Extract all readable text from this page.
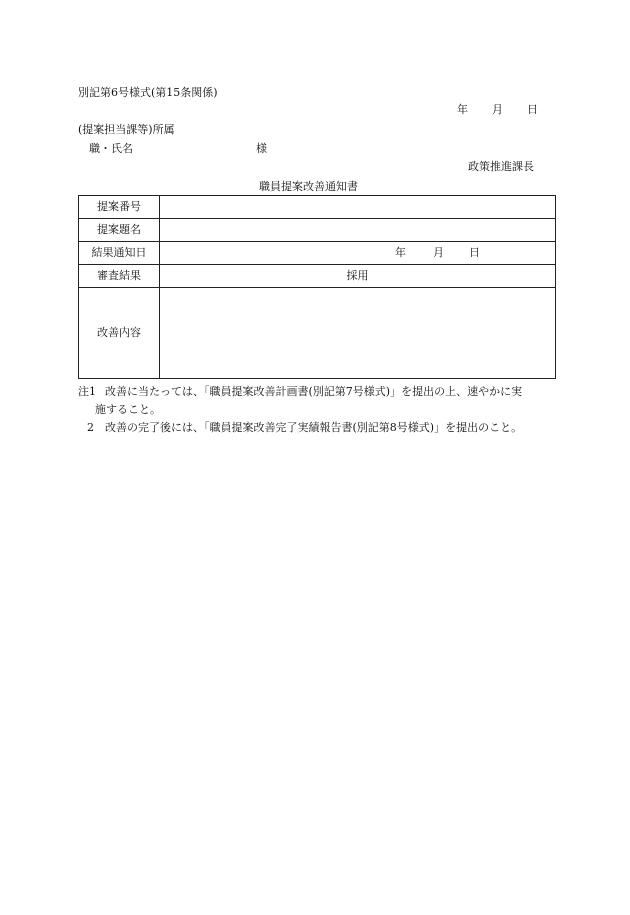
別記第6号様式(第15条関係)
年 月 日
(提案担当課等)所属
職・氏名	様
政策推進課長
職員提案改善通知書
提案番号	
提案題名	
結果通知日	年 月 日

審査結果	採用
改善内容	
注1 改善に当たっては、「職員提案改善計画書(別記第7号様式)」を提出の上、速やかに実
施すること。
2 改善の完了後には、「職員提案改善完了実績報告書(別記第8号様式)」を提出のこと。
